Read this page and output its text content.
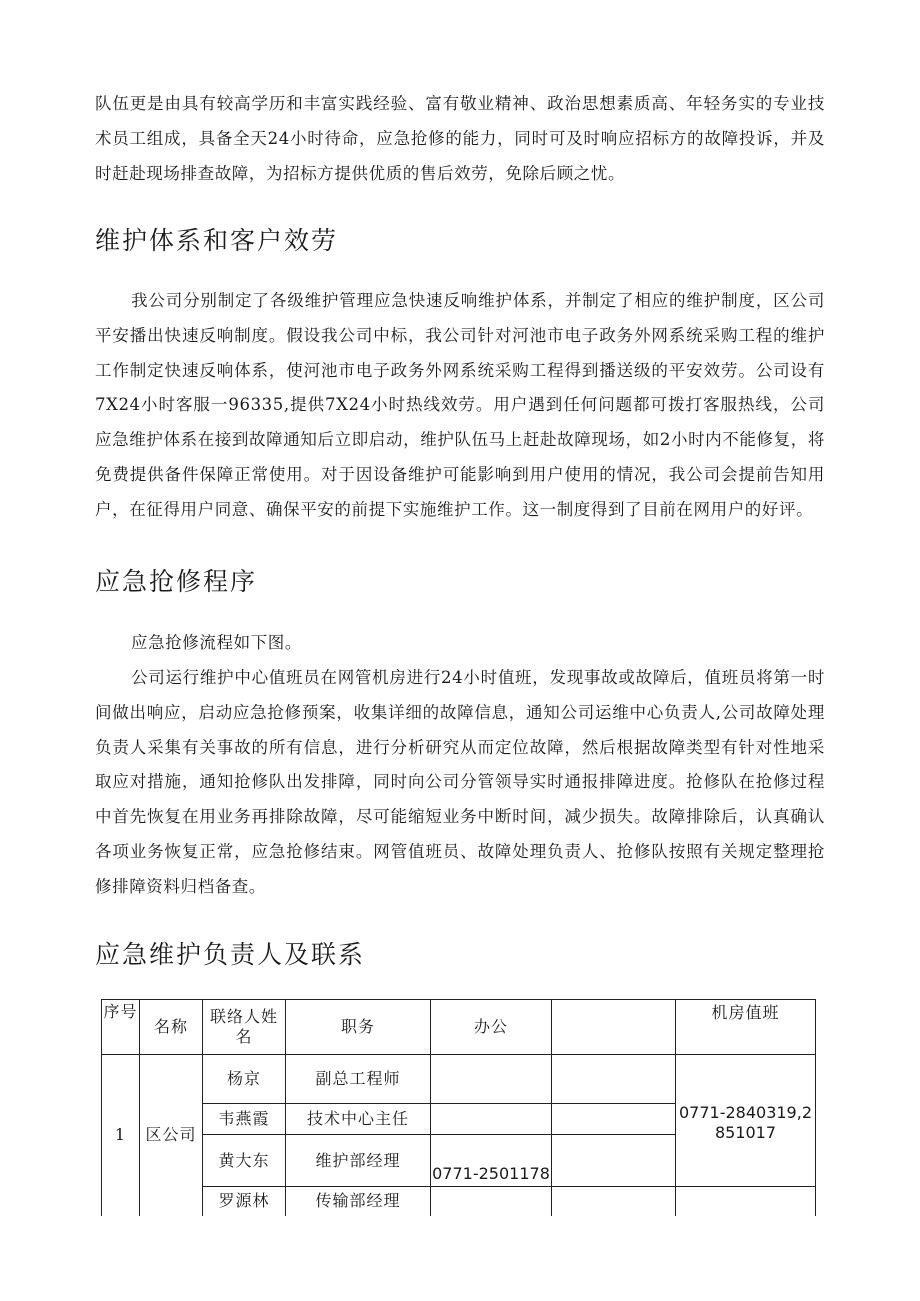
队伍更是由具有较高学历和丰富实践经验、富有敬业精神、政治思想素质高、年轻务实的专业技术员工组成，具备全天24小时待命，应急抢修的能力，同时可及时响应招标方的故障投诉，并及时赶赴现场排查故障，为招标方提供优质的售后效劳，免除后顾之忧。

维护体系和客户效劳

我公司分别制定了各级维护管理应急快速反响维护体系，并制定了相应的维护制度，区公司平安播出快速反响制度。假设我公司中标，我公司针对河池市电子政务外网系统采购工程的维护工作制定快速反响体系，使河池市电子政务外网系统采购工程得到播送级的平安效劳。公司设有7X24小时客服一96335,提供7X24小时热线效劳。用户遇到任何问题都可拨打客服热线，公司应急维护体系在接到故障通知后立即启动，维护队伍马上赶赴故障现场，如2小时内不能修复，将免费提供备件保障正常使用。对于因设备维护可能影响到用户使用的情况，我公司会提前告知用户，在征得用户同意、确保平安的前提下实施维护工作。这一制度得到了目前在网用户的好评。

应急抢修程序

应急抢修流程如下图。

公司运行维护中心值班员在网管机房进行24小时值班，发现事故或故障后，值班员将第一时间做出响应，启动应急抢修预案，收集详细的故障信息，通知公司运维中心负责人,公司故障处理负责人采集有关事故的所有信息，进行分析研究从而定位故障，然后根据故障类型有针对性地采取应对措施，通知抢修队出发排障，同时向公司分管领导实时通报排障进度。抢修队在抢修过程中首先恢复在用业务再排除故障，尽可能缩短业务中断时间，减少损失。故障排除后，认真确认各项业务恢复正常，应急抢修结束。网管值班员、故障处理负责人、抢修队按照有关规定整理抢修排障资料归档备查。

应急维护负责人及联系
序号	名称	联络人姓名	职务	办公		机房值班
1	区公司	杨京	副总工程师			0771-2840319,2851017
		韦燕霞	技术中心主任			
		黄大东	维护部经理	0771-2501178		
		罗源林	传输部经理			
